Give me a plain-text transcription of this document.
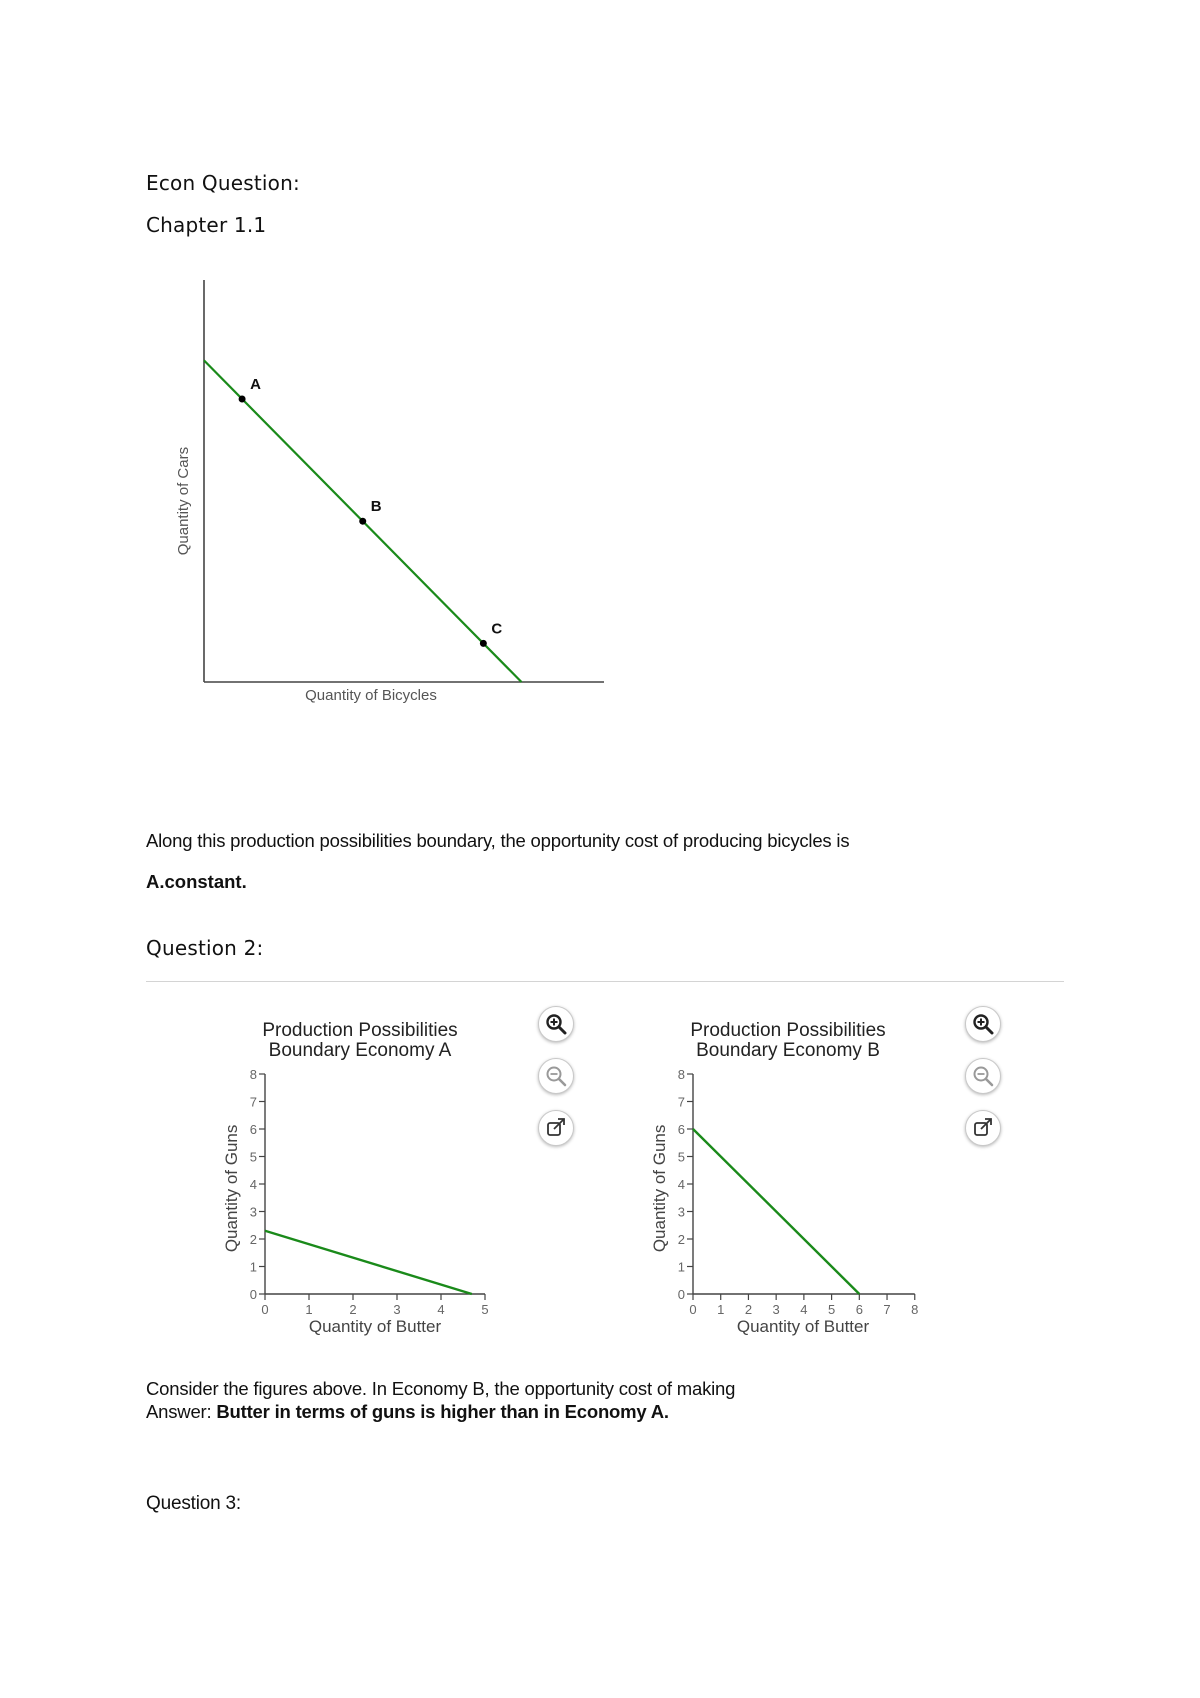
Econ Question:
Chapter 1.1
A
B
C
Quantity of Bicycles
Quantity of Cars
Along this production possibilities boundary, the opportunity cost of producing bicycles is
A.constant.
Question 2:
Production Possibilities
Boundary Economy A
0
1
2
3
4
5
6
7
8
0	1	2	3	4	5
Quantity of Butter
Quantity of Guns
Production Possibilities
Boundary Economy B
0
1
2
3
4
5
6
7
8
0 1 2 3 4 5 6 7 8
Quantity of Butter
Quantity of Guns
Consider the figures above. In Economy B, the opportunity cost of making
Answer: Butter in terms of guns is higher than in Economy A.
Question 3:
